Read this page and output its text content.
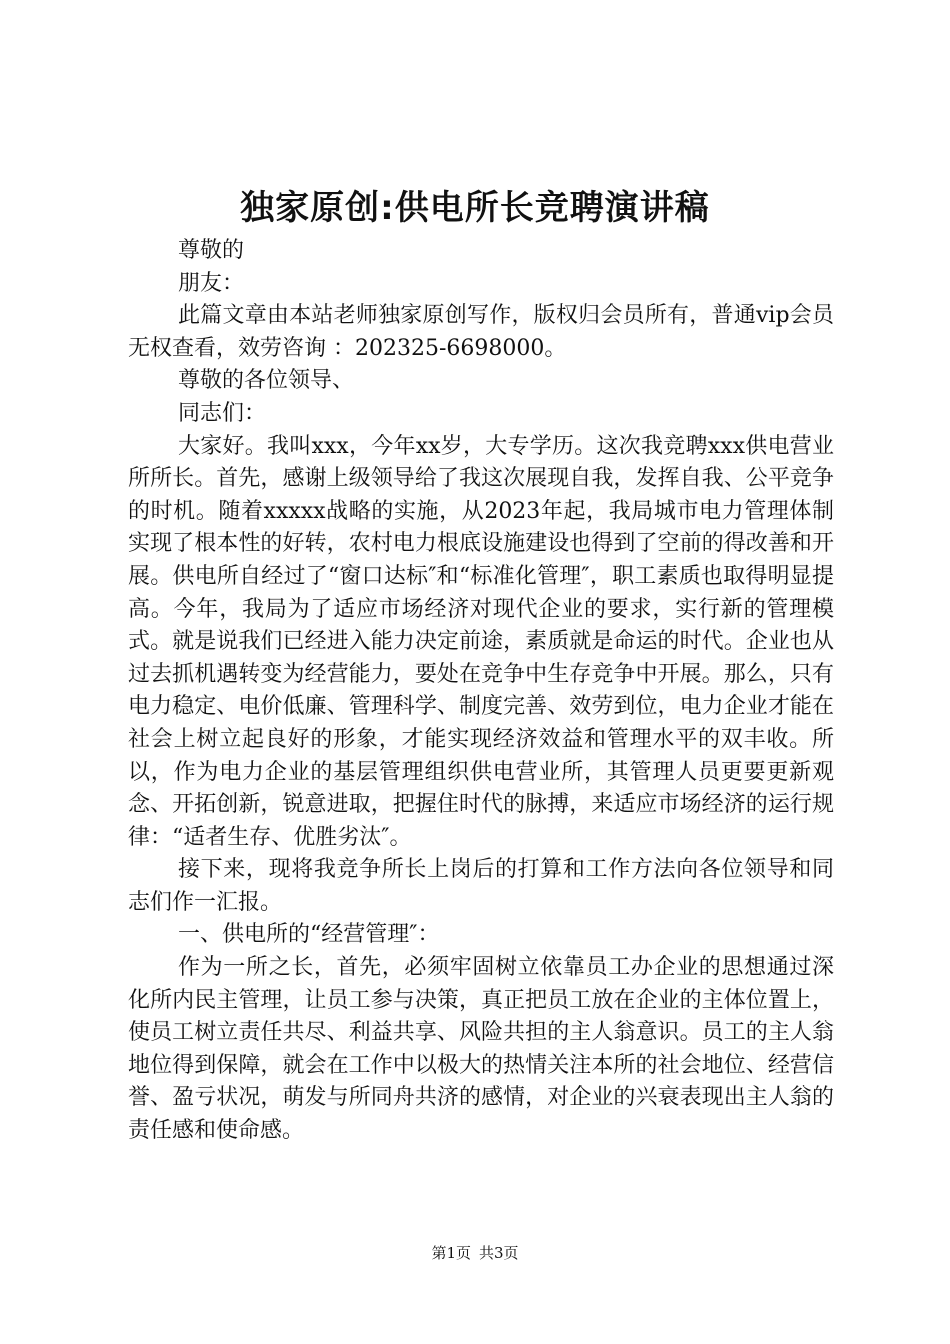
独家原创:供电所长竞聘演讲稿

尊敬的

朋友：

此篇文章由本站老师独家原创写作，版权归会员所有，普通vip会员无权查看，效劳咨询 ：202325-6698000。

尊敬的各位领导、

同志们：

大家好。我叫xxx，今年xx岁，大专学历。这次我竞聘xxx供电营业所所长。首先，感谢上级领导给了我这次展现自我，发挥自我、公平竞争的时机。随着xxxxx战略的实施，从2023年起，我局城市电力管理体制实现了根本性的好转，农村电力根底设施建设也得到了空前的得改善和开展。供电所自经过了“窗口达标″和“标准化管理″，职工素质也取得明显提高。今年，我局为了适应市场经济对现代企业的要求，实行新的管理模式。就是说我们已经进入能力决定前途，素质就是命运的时代。企业也从过去抓机遇转变为经营能力，要处在竞争中生存竞争中开展。那么，只有电力稳定、电价低廉、管理科学、制度完善、效劳到位，电力企业才能在社会上树立起良好的形象，才能实现经济效益和管理水平的双丰收。所以，作为电力企业的基层管理组织供电营业所，其管理人员更要更新观念、开拓创新，锐意进取，把握住时代的脉搏，来适应市场经济的运行规律：“适者生存、优胜劣汰″。

接下来，现将我竞争所长上岗后的打算和工作方法向各位领导和同志们作一汇报。

一、供电所的“经营管理″：

作为一所之长，首先，必须牢固树立依靠员工办企业的思想通过深化所内民主管理，让员工参与决策，真正把员工放在企业的主体位置上，使员工树立责任共尽、利益共享、风险共担的主人翁意识。员工的主人翁地位得到保障，就会在工作中以极大的热情关注本所的社会地位、经营信誉、盈亏状况，萌发与所同舟共济的感情，对企业的兴衰表现出主人翁的责任感和使命感。

第1页 共3页
